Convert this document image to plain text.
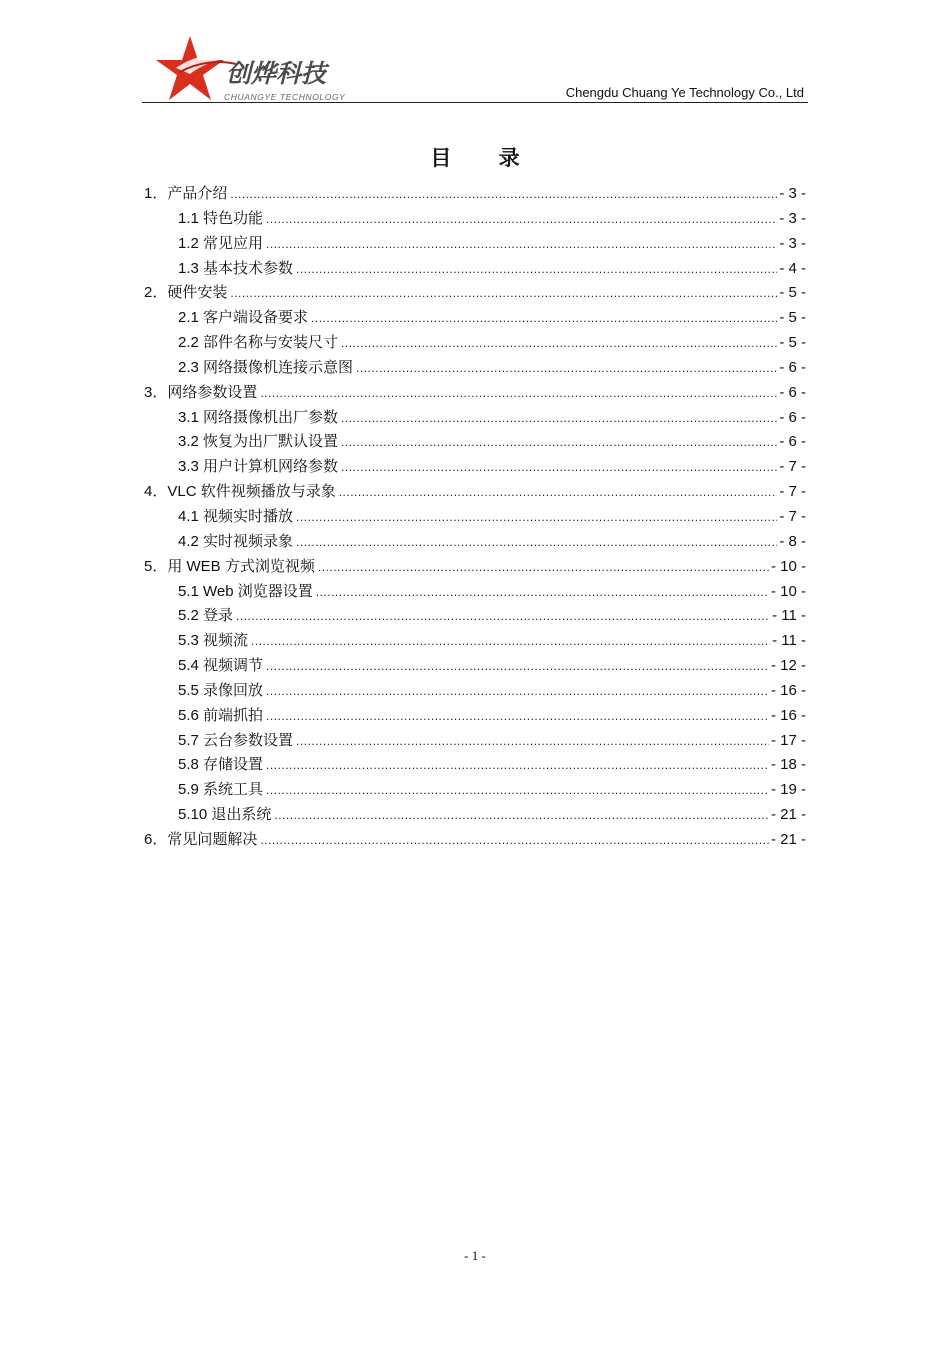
创烨科技
CHUANGYE TECHNOLOGY	Chengdu Chuang Ye Technology Co., Ltd
目 录
1．产品介绍 .....	- 3 -
1.1 特色功能 .....	- 3 -
1.2 常见应用 .....	- 3 -
1.3 基本技术参数 .....	- 4 -
2．硬件安装 .....	- 5 -
2.1 客户端设备要求 .....	- 5 -
2.2 部件名称与安装尺寸 .....	- 5 -
2.3 网络摄像机连接示意图 .....	- 6 -
3．网络参数设置 .....	- 6 -
3.1 网络摄像机出厂参数 .....	- 6 -
3.2 恢复为出厂默认设置 .....	- 6 -
3.3 用户计算机网络参数 .....	- 7 -
4．VLC 软件视频播放与录象 .....	- 7 -
4.1 视频实时播放 .....	- 7 -
4.2 实时视频录象 .....	- 8 -
5．用 WEB 方式浏览视频 .....	- 10 -
5.1 Web 浏览器设置 .....	- 10 -
5.2 登录 .....	- 11 -
5.3 视频流 .....	- 11 -
5.4 视频调节 .....	- 12 -
5.5 录像回放 .....	- 16 -
5.6 前端抓拍 .....	- 16 -
5.7 云台参数设置 .....	- 17 -
5.8 存储设置 .....	- 18 -
5.9 系统工具 .....	- 19 -
5.10 退出系统 .....	- 21 -
6．常见问题解决 .....	- 21 -
- 1 -
